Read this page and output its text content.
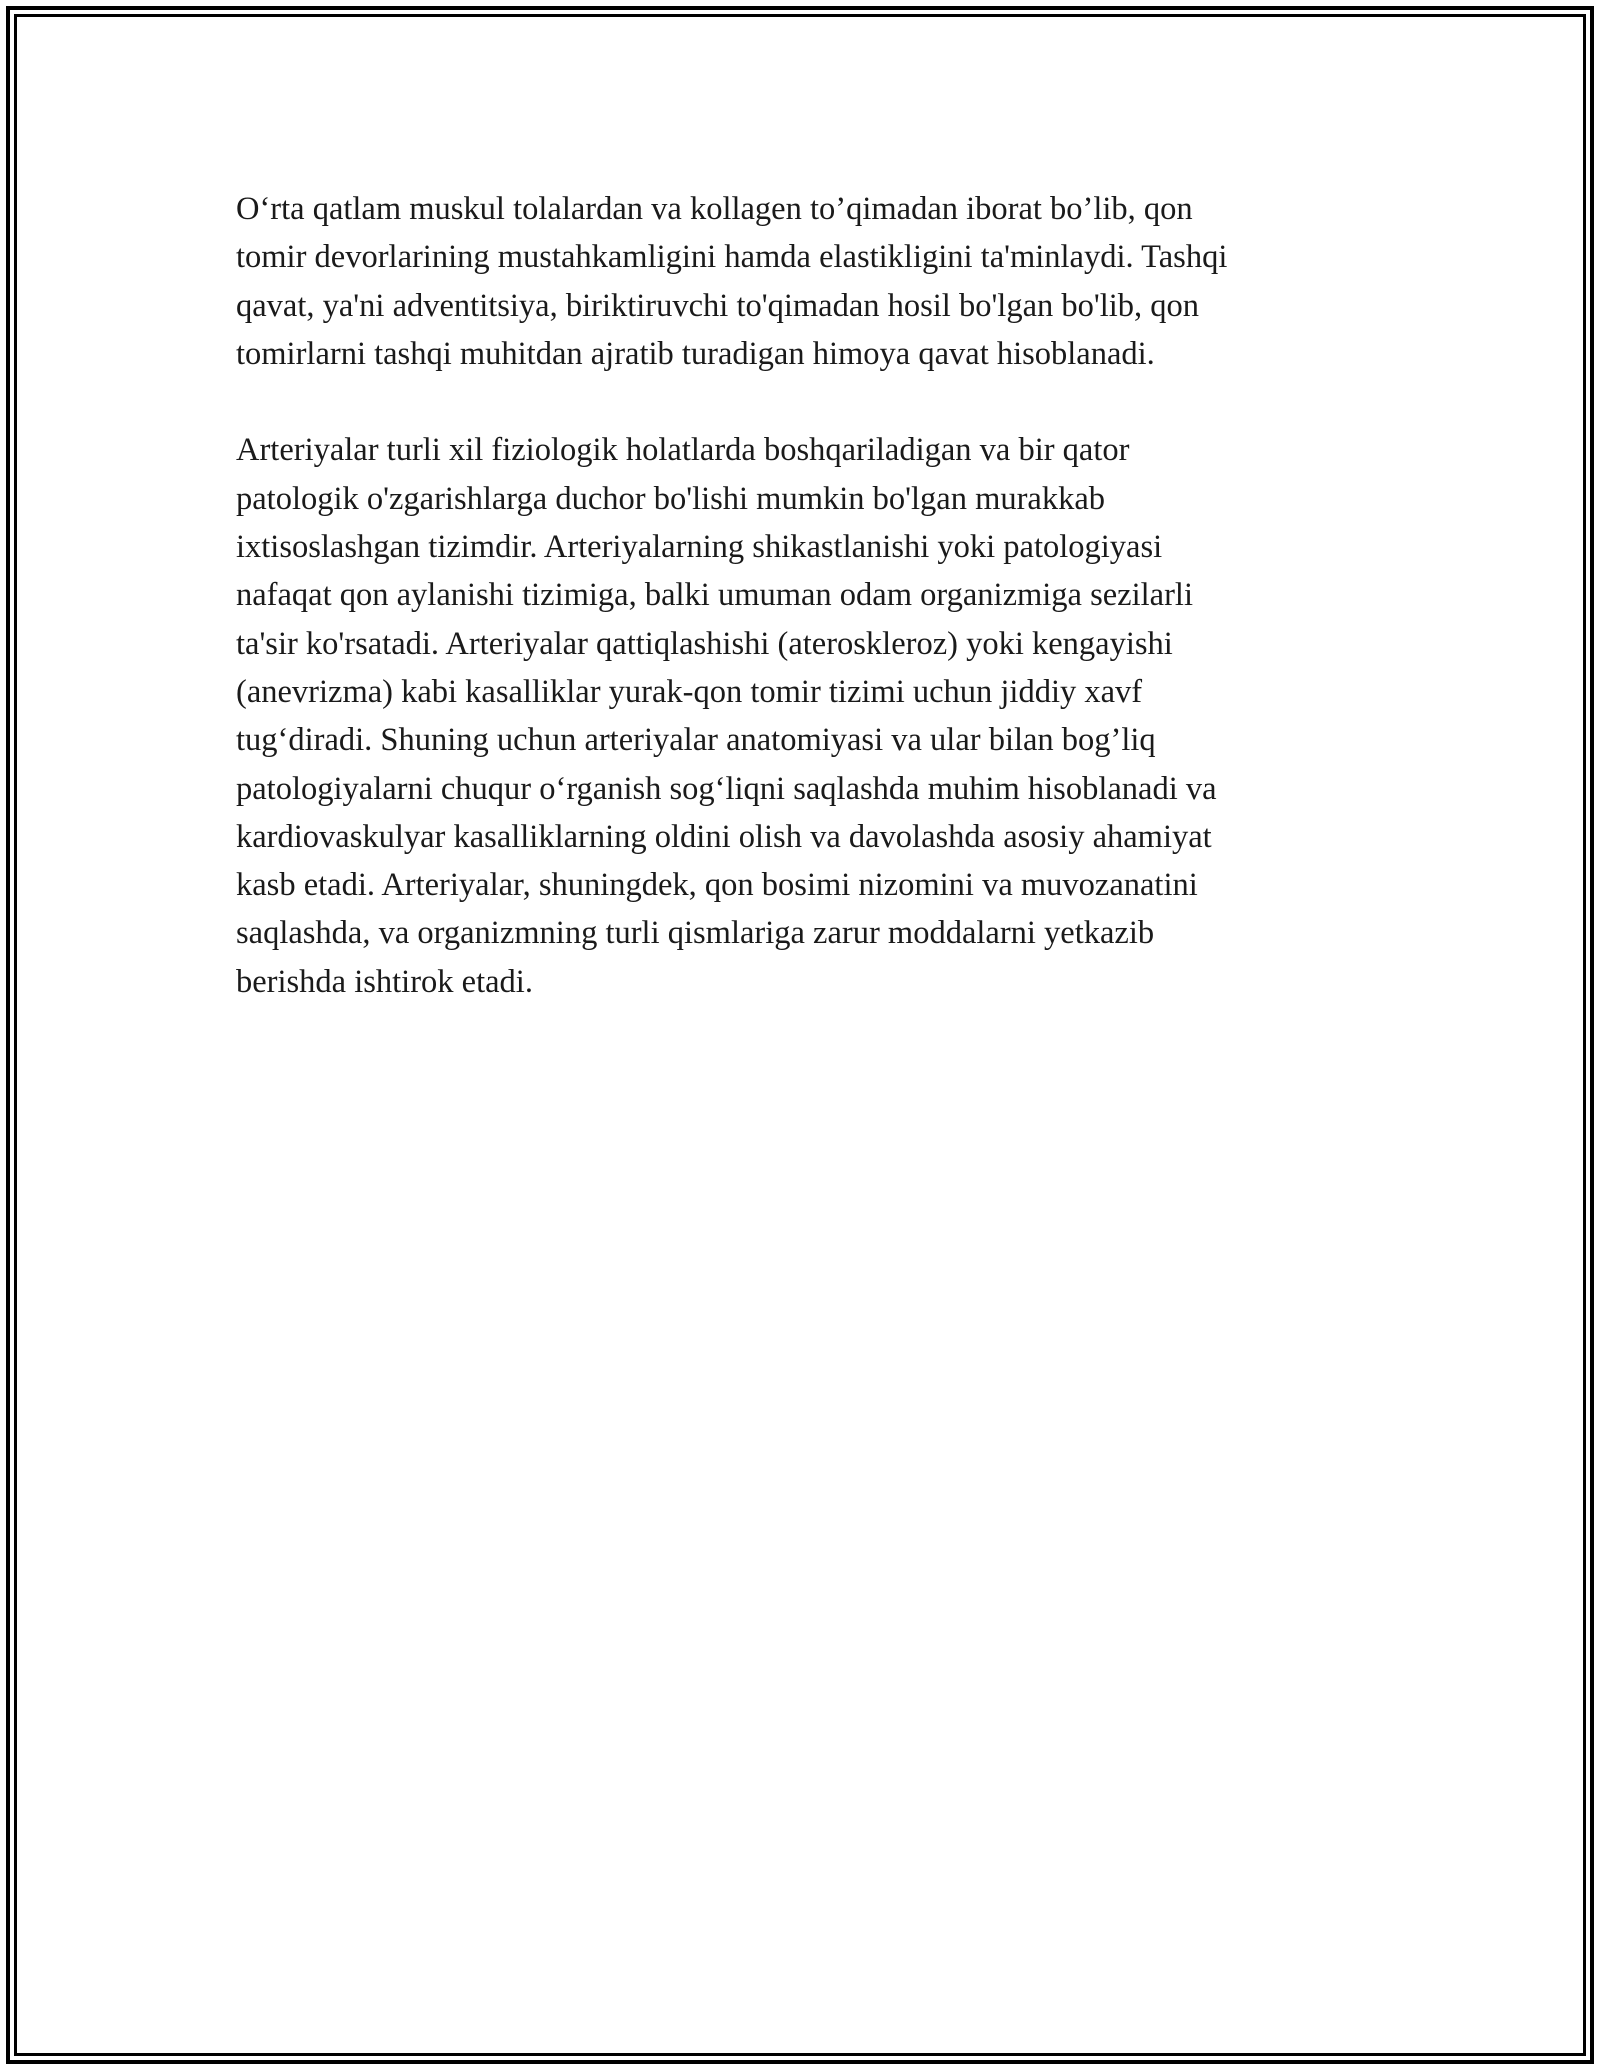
O‘rta qatlam muskul tolalardan va kollagen to’qimadan iborat bo’lib, qon

tomir devorlarining mustahkamligini hamda elastikligini ta'minlaydi. Tashqi

qavat, ya'ni adventitsiya, biriktiruvchi to'qimadan hosil bo'lgan bo'lib, qon

tomirlarni tashqi muhitdan ajratib turadigan himoya qavat hisoblanadi.

Arteriyalar turli xil fiziologik holatlarda boshqariladigan va bir qator

patologik o'zgarishlarga duchor bo'lishi mumkin bo'lgan murakkab

ixtisoslashgan tizimdir. Arteriyalarning shikastlanishi yoki patologiyasi

nafaqat qon aylanishi tizimiga, balki umuman odam organizmiga sezilarli

ta'sir ko'rsatadi. Arteriyalar qattiqlashishi (ateroskleroz) yoki kengayishi

(anevrizma) kabi kasalliklar yurak-qon tomir tizimi uchun jiddiy xavf

tug‘diradi. Shuning uchun arteriyalar anatomiyasi va ular bilan bog’liq

patologiyalarni chuqur o‘rganish sog‘liqni saqlashda muhim hisoblanadi va

kardiovaskulyar kasalliklarning oldini olish va davolashda asosiy ahamiyat

kasb etadi. Arteriyalar, shuningdek, qon bosimi nizomini va muvozanatini

saqlashda, va organizmning turli qismlariga zarur moddalarni yetkazib

berishda ishtirok etadi.
